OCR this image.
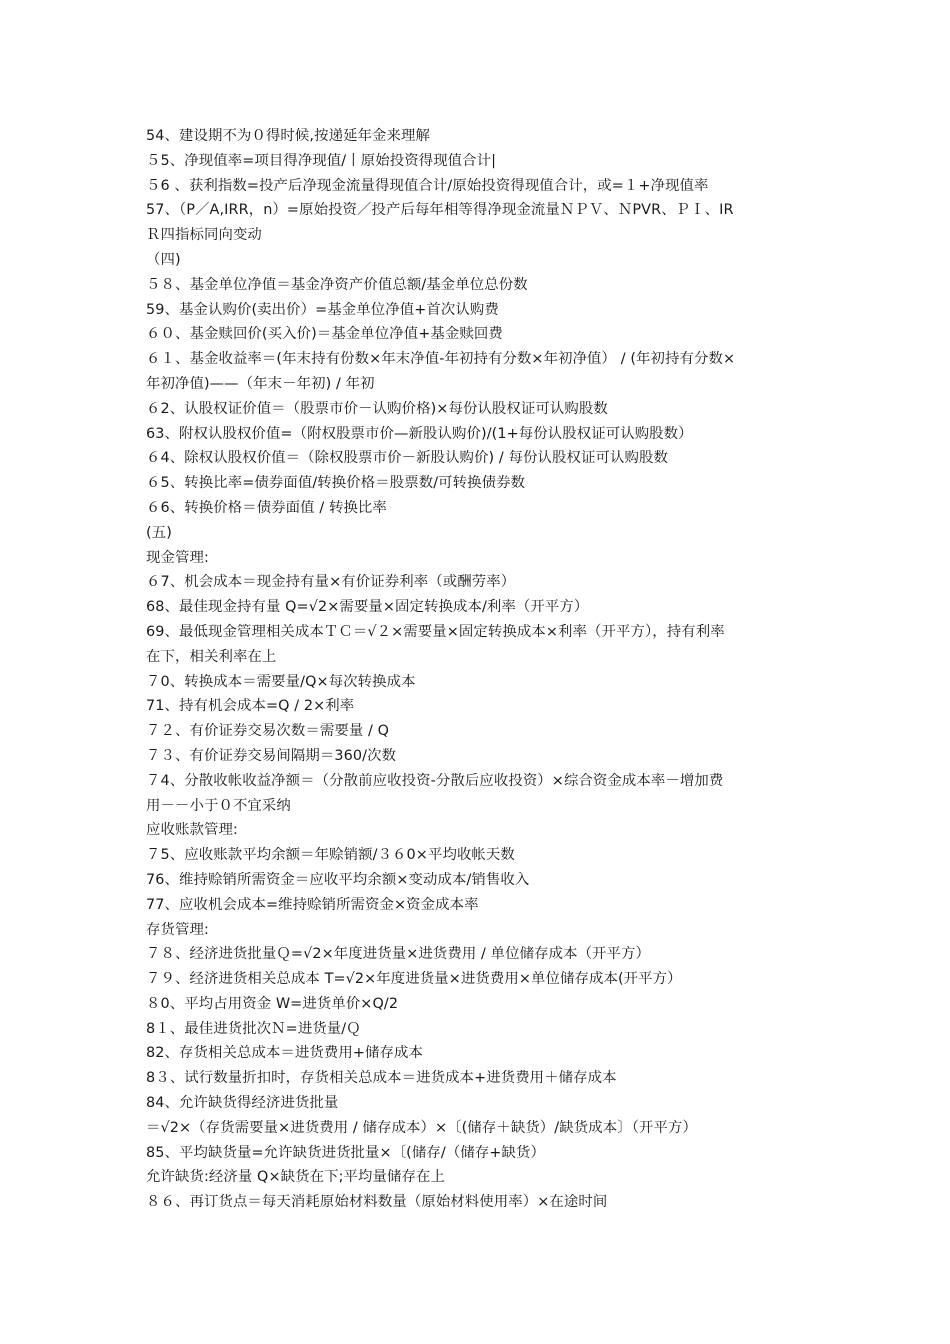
54、建设期不为０得时候,按递延年金来理解
５5、净现值率=项目得净现值/丨原始投资得现值合计|
５6 、获利指数=投产后净现金流量得现值合计/原始投资得现值合计，或=１+净现值率
57、（P／A,IRR，n）=原始投资／投产后每年相等得净现金流量ＮＰＶ、ＮPVR、ＰＩ、IR
Ｒ四指标同向变动
（四)
５８、基金单位净值＝基金净资产价值总额/基金单位总份数
59、基金认购价(卖出价）=基金单位净值+首次认购费
６０、基金赎回价(买入价)＝基金单位净值+基金赎回费
６１、基金收益率＝(年末持有份数×年末净值-年初持有分数×年初净值） / (年初持有分数×
年初净值)——（年末－年初) / 年初
６2、认股权证价值＝（股票市价－认购价格)×每份认股权证可认购股数
63、附权认股权价值=（附权股票市价—新股认购价)/(1+每份认股权证可认购股数）
６4、除权认股权价值＝（除权股票市价－新股认购价) / 每份认股权证可认购股数
６5、转换比率=债券面值/转换价格＝股票数/可转换债券数
６6、转换价格＝债券面值 / 转换比率
(五)
现金管理:
６7、机会成本＝现金持有量×有价证券利率（或酬劳率）
68、最佳现金持有量 Q=√2×需要量×固定转换成本/利率（开平方）
69、最低现金管理相关成本ＴＣ＝√２×需要量×固定转换成本×利率（开平方），持有利率
在下，相关利率在上
７0、转换成本＝需要量/Q×每次转换成本
71、持有机会成本=Q / 2×利率
７２、有价证券交易次数＝需要量 / Q
７３、有价证券交易间隔期＝360/次数
７4、分散收帐收益净额＝（分散前应收投资-分散后应收投资）×综合资金成本率－增加费
用－－小于０不宜采纳
应收账款管理:
７5、应收账款平均余额＝年赊销额/３６0×平均收帐天数
76、维持赊销所需资金＝应收平均余额×变动成本/销售收入
77、应收机会成本=维持赊销所需资金×资金成本率
存货管理:
７８、经济进货批量Ｑ=√2×年度进货量×进货费用 / 单位储存成本（开平方）
７９、经济进货相关总成本 T=√2×年度进货量×进货费用×单位储存成本(开平方）
８0、平均占用资金 W=进货单价×Q/2
8１、最佳进货批次Ｎ=进货量/Ｑ
82、存货相关总成本＝进货费用+储存成本
8３、试行数量折扣时，存货相关总成本＝进货成本+进货费用＋储存成本
84、允许缺货得经济进货批量
＝√2×（存货需要量×进货费用 / 储存成本）×〔(储存＋缺货）/缺货成本〕（开平方）
85、平均缺货量=允许缺货进货批量×〔(储存/（储存+缺货）
允许缺货:经济量 Q×缺货在下;平均量储存在上
８６、再订货点＝每天消耗原始材料数量（原始材料使用率）×在途时间
